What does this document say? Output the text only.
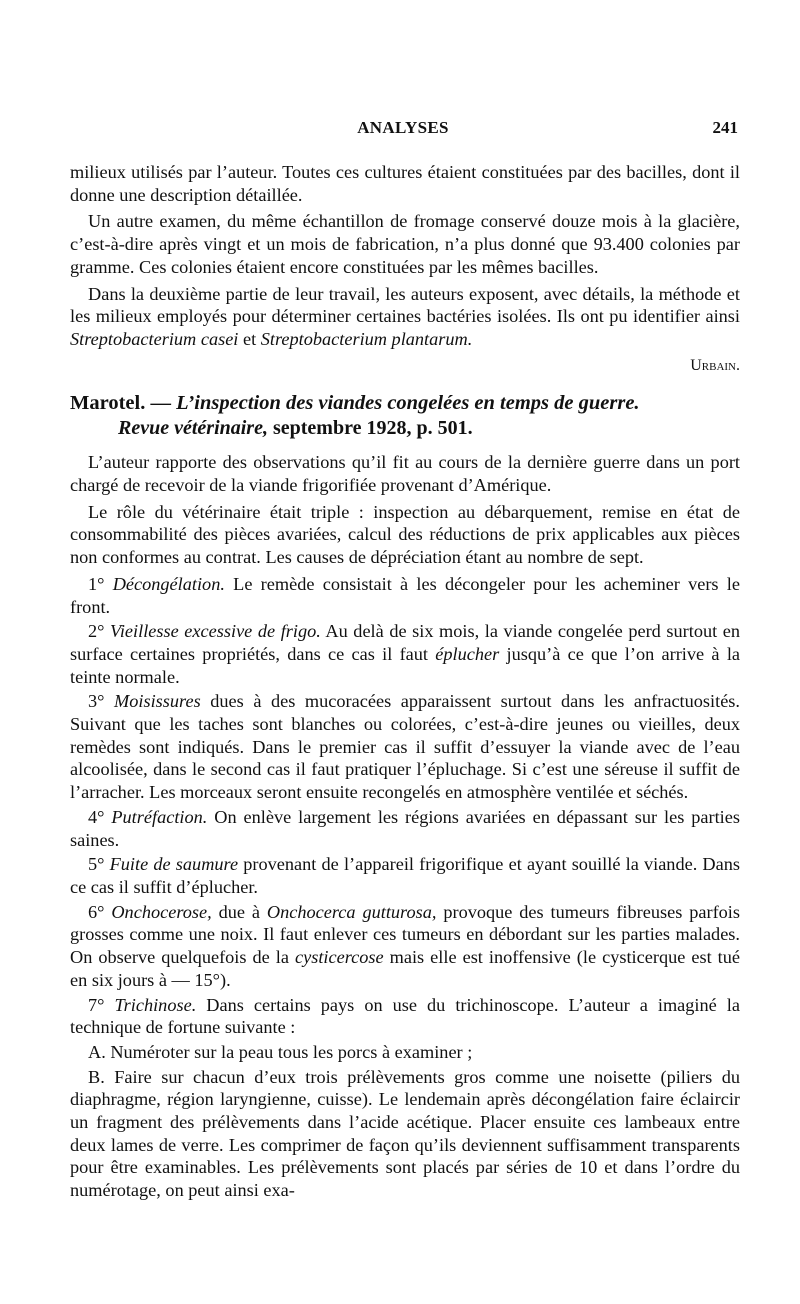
ANALYSES	241

milieux utilisés par l’auteur. Toutes ces cultures étaient constituées par des bacilles, dont il donne une description détaillée.

Un autre examen, du même échantillon de fromage conservé douze mois à la glacière, c’est-à-dire après vingt et un mois de fabrication, n’a plus donné que 93.400 colonies par gramme. Ces colonies étaient encore constituées par les mêmes bacilles.

Dans la deuxième partie de leur travail, les auteurs exposent, avec détails, la méthode et les milieux employés pour déterminer certaines bactéries isolées. Ils ont pu identifier ainsi Streptobacterium casei et Streptobacterium plantarum.

Urbain.

Marotel. — L’inspection des viandes congelées en temps de guerre.

Revue vétérinaire, septembre 1928, p. 501.

L’auteur rapporte des observations qu’il fit au cours de la dernière guerre dans un port chargé de recevoir de la viande frigorifiée provenant d’Amérique.

Le rôle du vétérinaire était triple : inspection au débarquement, remise en état de consommabilité des pièces avariées, calcul des réductions de prix applicables aux pièces non conformes au contrat. Les causes de dépréciation étant au nombre de sept.

1° Décongélation. Le remède consistait à les décongeler pour les acheminer vers le front.

2° Vieillesse excessive de frigo. Au delà de six mois, la viande congelée perd surtout en surface certaines propriétés, dans ce cas il faut éplucher jusqu’à ce que l’on arrive à la teinte normale.

3° Moisissures dues à des mucoracées apparaissent surtout dans les anfractuosités. Suivant que les taches sont blanches ou colorées, c’est-à-dire jeunes ou vieilles, deux remèdes sont indiqués. Dans le premier cas il suffit d’essuyer la viande avec de l’eau alcoolisée, dans le second cas il faut pratiquer l’épluchage. Si c’est une séreuse il suffit de l’arracher. Les morceaux seront ensuite recongelés en atmosphère ventilée et séchés.

4° Putréfaction. On enlève largement les régions avariées en dépassant sur les parties saines.

5° Fuite de saumure provenant de l’appareil frigorifique et ayant souillé la viande. Dans ce cas il suffit d’éplucher.

6° Onchocerose, due à Onchocerca gutturosa, provoque des tumeurs fibreuses parfois grosses comme une noix. Il faut enlever ces tumeurs en débordant sur les parties malades. On observe quelquefois de la cysticercose mais elle est inoffensive (le cysticerque est tué en six jours à — 15°).

7° Trichinose. Dans certains pays on use du trichinoscope. L’auteur a imaginé la technique de fortune suivante :

A. Numéroter sur la peau tous les porcs à examiner ;

B. Faire sur chacun d’eux trois prélèvements gros comme une noisette (piliers du diaphragme, région laryngienne, cuisse). Le lendemain après décongélation faire éclaircir un fragment des prélèvements dans l’acide acétique. Placer ensuite ces lambeaux entre deux lames de verre. Les comprimer de façon qu’ils deviennent suffisamment transparents pour être examinables. Les prélèvements sont placés par séries de 10 et dans l’ordre du numérotage, on peut ainsi exa-
